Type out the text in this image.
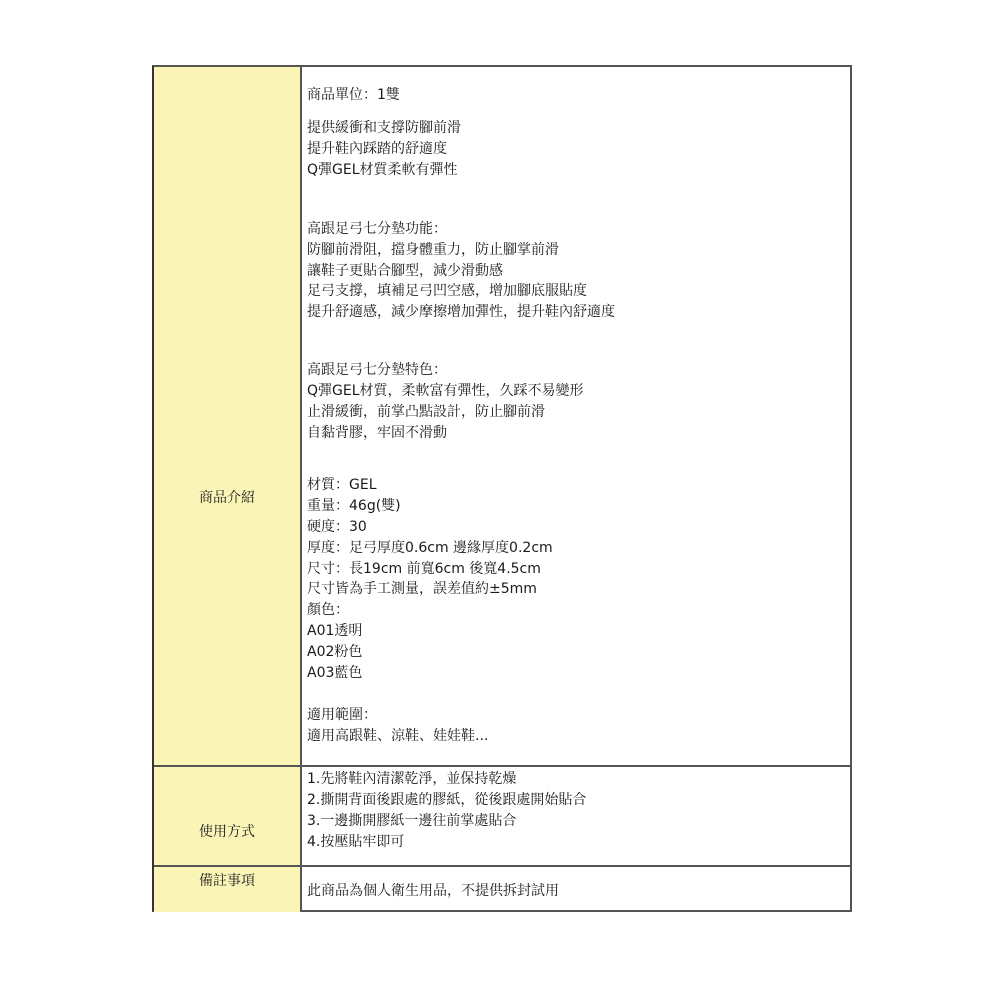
商品介紹
商品單位：1雙
提供緩衝和支撐防腳前滑
提升鞋內踩踏的舒適度
Q彈GEL材質柔軟有彈性
高跟足弓七分墊功能：
防腳前滑阻，擋身體重力，防止腳掌前滑
讓鞋子更貼合腳型，減少滑動感
足弓支撐，填補足弓凹空感，增加腳底服貼度
提升舒適感，減少摩擦增加彈性，提升鞋內舒適度
高跟足弓七分墊特色：
Q彈GEL材質，柔軟富有彈性，久踩不易變形
止滑緩衝，前掌凸點設計，防止腳前滑
自黏背膠，牢固不滑動
材質：GEL
重量：46g(雙)
硬度：30
厚度：足弓厚度0.6cm 邊緣厚度0.2cm
尺寸：長19cm 前寬6cm 後寬4.5cm
尺寸皆為手工測量，誤差值約±5mm
顏色：
A01透明
A02粉色
A03藍色
適用範圍：
適用高跟鞋、涼鞋、娃娃鞋...
使用方式
1.先將鞋內清潔乾淨，並保持乾燥
2.撕開背面後跟處的膠紙，從後跟處開始貼合
3.一邊撕開膠紙一邊往前掌處貼合
4.按壓貼牢即可
備註事項
此商品為個人衛生用品，不提供拆封試用
